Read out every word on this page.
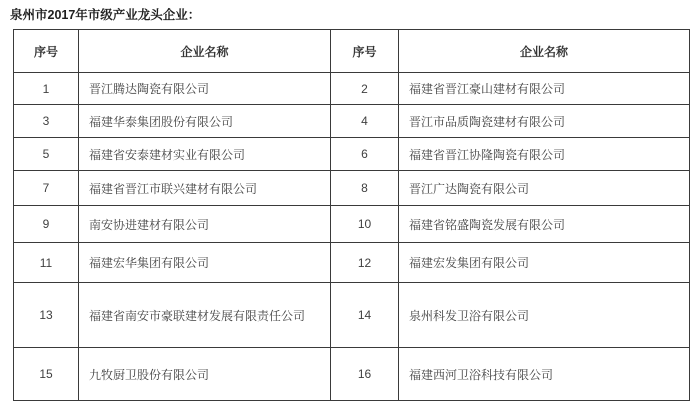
泉州市2017年市级产业龙头企业：
序号	企业名称	序号	企业名称
1	晋江腾达陶瓷有限公司	2	福建省晋江豪山建材有限公司
3	福建华泰集团股份有限公司	4	晋江市品质陶瓷建材有限公司
5	福建省安泰建材实业有限公司	6	福建省晋江协隆陶瓷有限公司
7	福建省晋江市联兴建材有限公司	8	晋江广达陶瓷有限公司
9	南安协进建材有限公司	10	福建省铭盛陶瓷发展有限公司
11	福建宏华集团有限公司	12	福建宏发集团有限公司
13	福建省南安市豪联建材发展有限责任公司	14	泉州科发卫浴有限公司
15	九牧厨卫股份有限公司	16	福建西河卫浴科技有限公司
